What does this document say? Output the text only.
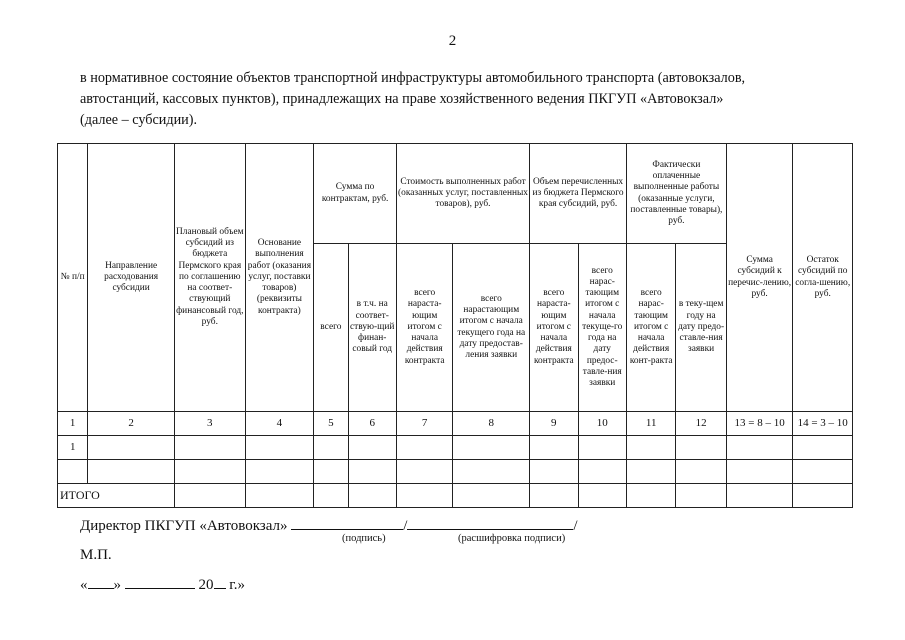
2

в нормативное состояние объектов транспортной инфраструктуры автомобильного транспорта (автовокзалов,

автостанций, кассовых пунктов), принадлежащих на праве хозяйственного ведения ПКГУП «Автовокзал»

(далее – субсидии).

№ п/п	Направление расходования субсидии	Плановый объем субсидий из бюджета Пермского края по соглашению на соответ-ствующий финансовый год, руб.	Основание выполнения работ (оказания услуг, поставки товаров) (реквизиты контракта)	Сумма по контрактам, руб.		Стоимость выполненных работ (оказанных услуг, поставленных товаров), руб.		Объем перечисленных из бюджета Пермского края субсидий, руб.		Фактически оплаченные выполненные работы (оказанные услуги, поставленные товары), руб.		Сумма субсидий к перечис-лению, руб.	Остаток субсидий по согла-шению, руб.
				всего	в т.ч. на соответ-ствую-щий финан-совый год	всего нараста-ющим итогом с начала действия контракта	всего нарастающим итогом с начала текущего года на дату предостав-ления заявки	всего нараста-ющим итогом с начала действия контракта	всего нарас-тающим итогом с начала текуще-го года на дату предос-тавле-ния заявки	всего нарас-тающим итогом с начала действия конт-ракта	в теку-щем году на дату предо-ставле-ния заявки		
1	2	3	4	5	6	7	8	9	10	11	12	13 = 8 – 10	14 = 3 – 10
1													

ИТОГО													
Директор ПКГУП «Автовокзал»	/	/
(подпись)	(расшифровка подписи)
М.П.
« »	20 г.»
